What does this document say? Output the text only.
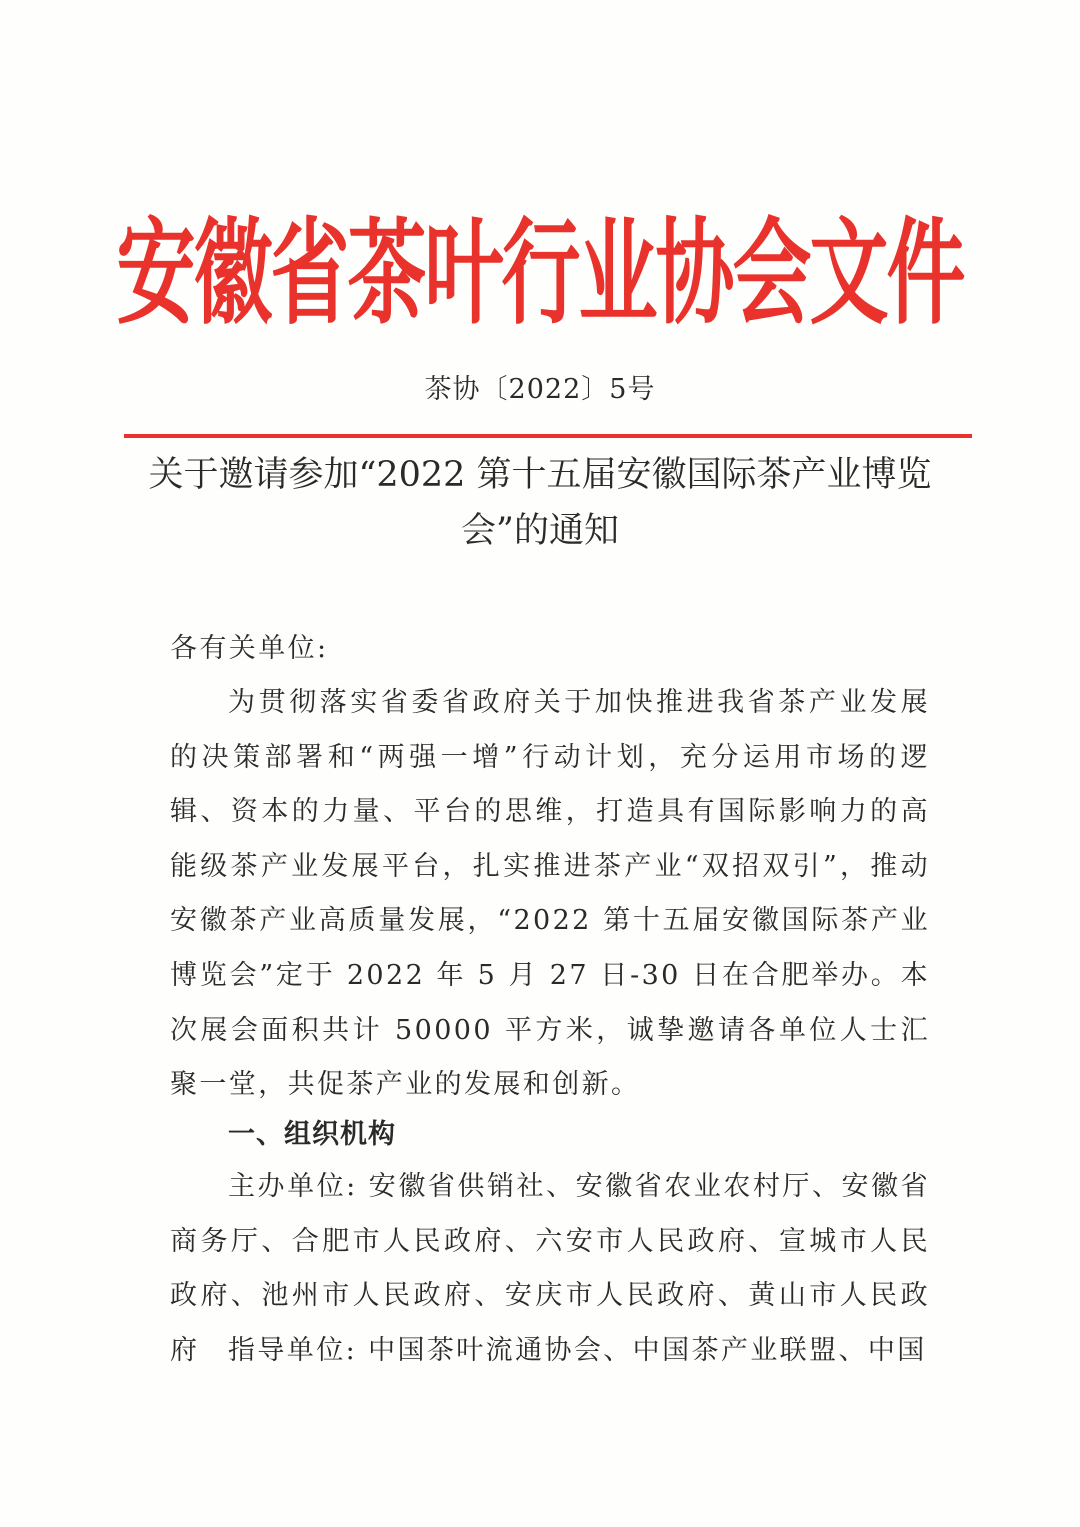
安徽省茶叶行业协会文件
茶协〔2022〕5号
关于邀请参加“2022 第十五届安徽国际茶产业博览会”的通知
各有关单位:
为贯彻落实省委省政府关于加快推进我省茶产业发展的决策部署和“两强一增”行动计划，充分运用市场的逻辑、资本的力量、平台的思维，打造具有国际影响力的高能级茶产业发展平台，扎实推进茶产业“双招双引”，推动安徽茶产业高质量发展，“2022 第十五届安徽国际茶产业博览会”定于 2022 年 5 月 27 日-30 日在合肥举办。本次展会面积共计 50000 平方米，诚挚邀请各单位人士汇聚一堂，共促茶产业的发展和创新。
一、组织机构
主办单位: 安徽省供销社、安徽省农业农村厅、安徽省商务厅、合肥市人民政府、六安市人民政府、宣城市人民政府、池州市人民政府、安庆市人民政府、黄山市人民政府	指导单位: 中国茶叶流通协会、中国茶产业联盟、中国
